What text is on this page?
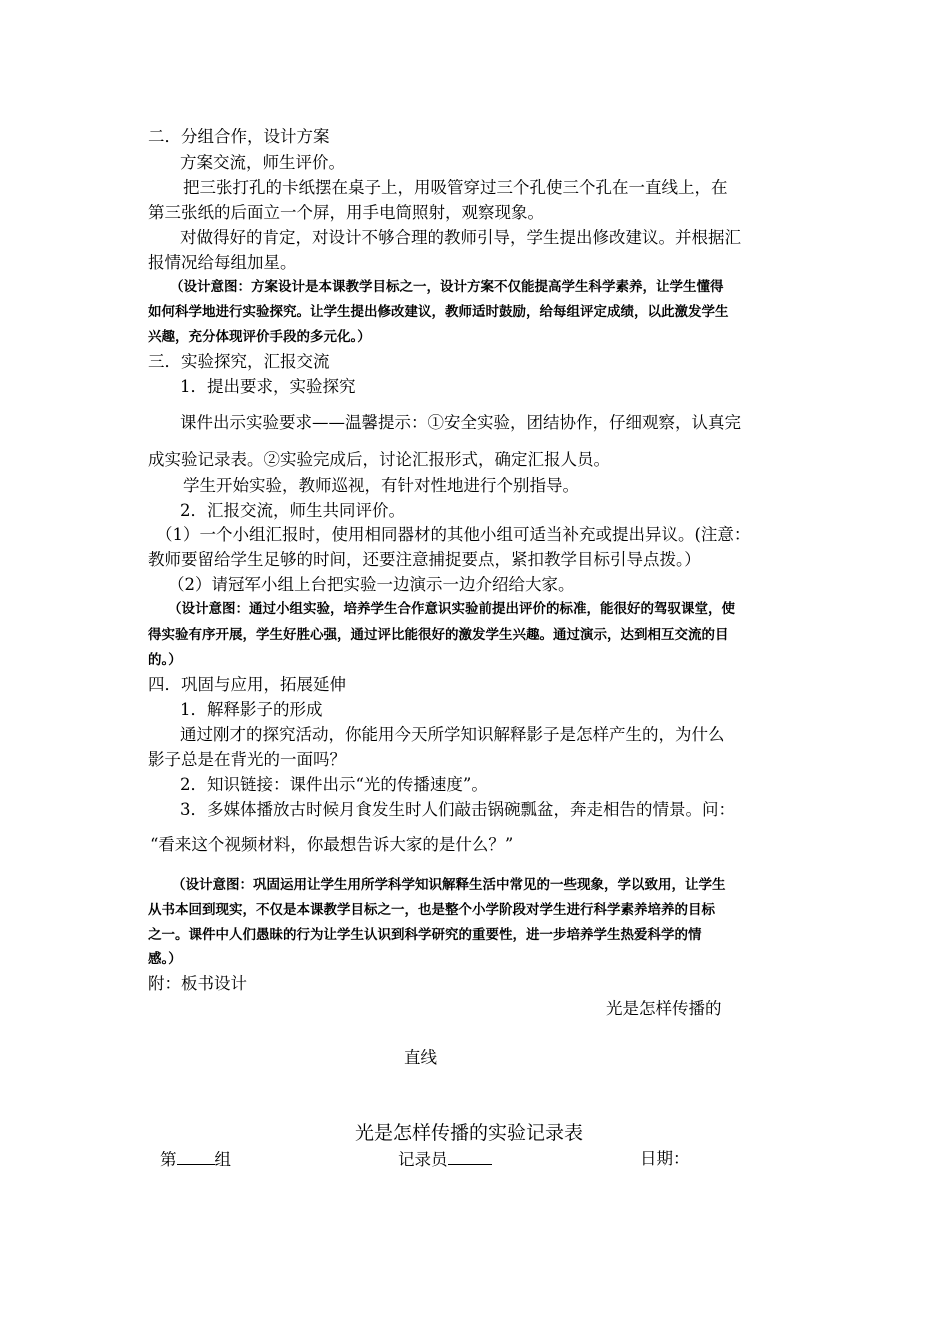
二．分组合作，设计方案
方案交流，师生评价。
把三张打孔的卡纸摆在桌子上，用吸管穿过三个孔使三个孔在一直线上，在
第三张纸的后面立一个屏，用手电筒照射，观察现象。
对做得好的肯定，对设计不够合理的教师引导，学生提出修改建议。并根据汇
报情况给每组加星。
（设计意图：方案设计是本课教学目标之一，设计方案不仅能提高学生科学素养，让学生懂得
如何科学地进行实验探究。让学生提出修改建议，教师适时鼓励，给每组评定成绩，以此激发学生
兴趣，充分体现评价手段的多元化。）
三．实验探究，汇报交流
1．提出要求，实验探究
课件出示实验要求——温馨提示：①安全实验，团结协作，仔细观察，认真完
成实验记录表。②实验完成后，讨论汇报形式，确定汇报人员。
学生开始实验，教师巡视，有针对性地进行个别指导。
2．汇报交流，师生共同评价。
（1）一个小组汇报时，使用相同器材的其他小组可适当补充或提出异议。(注意：
教师要留给学生足够的时间，还要注意捕捉要点，紧扣教学目标引导点拨。）
（2）请冠军小组上台把实验一边演示一边介绍给大家。
（设计意图：通过小组实验，培养学生合作意识实验前提出评价的标准，能很好的驾驭课堂，使
得实验有序开展，学生好胜心强，通过评比能很好的激发学生兴趣。通过演示，达到相互交流的目
的。）
四．巩固与应用，拓展延伸
1．解释影子的形成
通过刚才的探究活动，你能用今天所学知识解释影子是怎样产生的，为什么
影子总是在背光的一面吗？
2．知识链接：课件出示“光的传播速度”。
3．多媒体播放古时候月食发生时人们敲击锅碗瓢盆，奔走相告的情景。问：
“看来这个视频材料，你最想告诉大家的是什么？”
（设计意图：巩固运用让学生用所学科学知识解释生活中常见的一些现象，学以致用，让学生
从书本回到现实，不仅是本课教学目标之一，也是整个小学阶段对学生进行科学素养培养的目标
之一。课件中人们愚昧的行为让学生认识到科学研究的重要性，进一步培养学生热爱科学的情
感。）
附：板书设计
光是怎样传播的
直线
光是怎样传播的实验记录表
第 组	记录员	日期：
